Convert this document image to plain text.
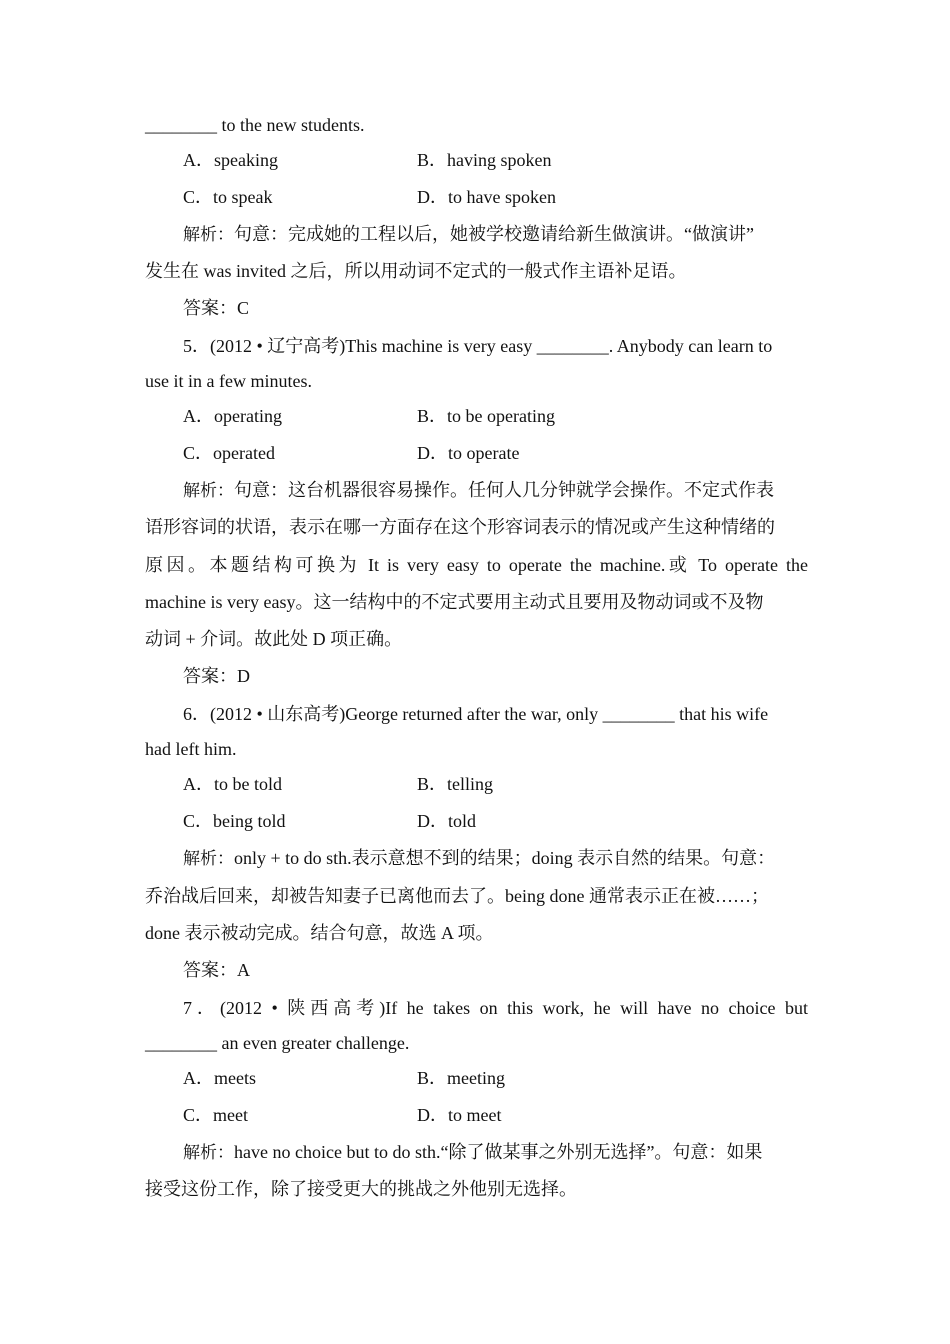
________ to the new students.
A．speaking	B．having spoken
C．to speak	D．to have spoken
解析：句意：完成她的工程以后，她被学校邀请给新生做演讲。“做演讲”
发生在 was invited 之后，所以用动词不定式的一般式作主语补足语。
答案：C
5．(2012 • 辽宁高考)This machine is very easy ________. Anybody can learn to
use it in a few minutes.
A．operating	B．to be operating
C．operated	D．to operate
解析：句意：这台机器很容易操作。任何人几分钟就学会操作。不定式作表
语形容词的状语，表示在哪一方面存在这个形容词表示的情况或产生这种情绪的
原因。本题结构可换为 It is very easy to operate the machine.或 To operate the
machine is very easy。这一结构中的不定式要用主动式且要用及物动词或不及物
动词 + 介词。故此处 D 项正确。
答案：D
6．(2012 • 山东高考)George returned after the war, only ________ that his wife
had left him.
A．to be told	B．telling
C．being told	D．told
解析：only + to do sth.表示意想不到的结果；doing 表示自然的结果。句意：
乔治战后回来，却被告知妻子已离他而去了。being done 通常表示正在被……；
done 表示被动完成。结合句意，故选 A 项。
答案：A
7．(2012 • 陕西高考)If he takes on this work, he will have no choice but
________ an even greater challenge.
A．meets	B．meeting
C．meet	D．to meet
解析：have no choice but to do sth.“除了做某事之外别无选择”。句意：如果
接受这份工作，除了接受更大的挑战之外他别无选择。
